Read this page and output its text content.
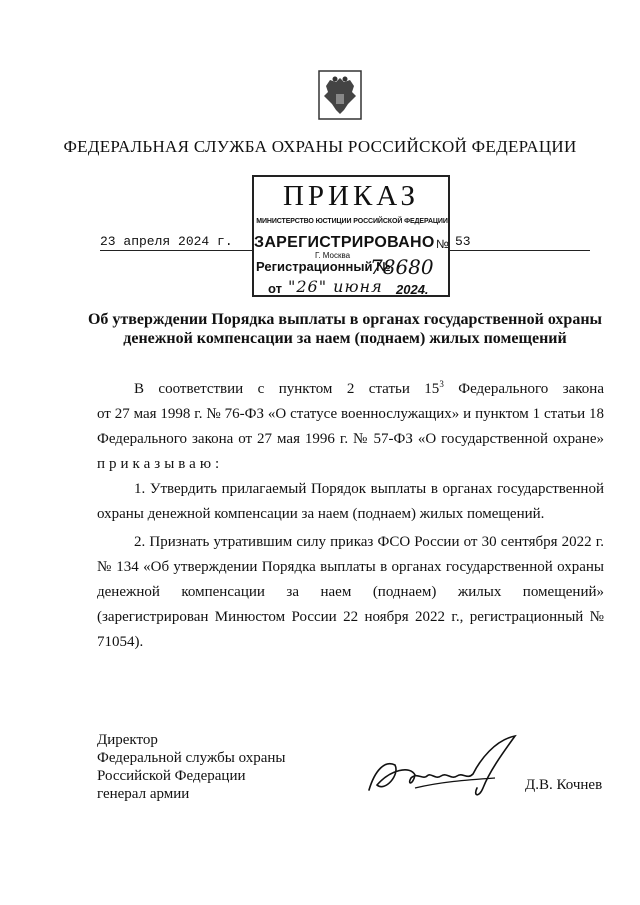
ФЕДЕРАЛЬНАЯ СЛУЖБА ОХРАНЫ РОССИЙСКОЙ ФЕДЕРАЦИИ
ПРИКАЗ
МИНИСТЕРСТВО ЮСТИЦИИ РОССИЙСКОЙ ФЕДЕРАЦИИ
ЗАРЕГИСТРИРОВАНО
Г. Москва
Регистрационный №
78680
от "26" июня 2024.
23 апреля 2024 г.	№ 53
Об утверждении Порядка выплаты в органах государственной охраны
денежной компенсации за наем (поднаем) жилых помещений
В соответствии с пунктом 2 статьи $15^3$ Федерального закона
от 27 мая 1998 г. № 76-ФЗ «О статусе военнослужащих» и пунктом 1 статьи 18
Федерального закона от 27 мая 1996 г. № 57-ФЗ «О государственной охране»
приказываю:
1. Утвердить прилагаемый Порядок выплаты в органах государственной охраны денежной компенсации за наем (поднаем) жилых помещений.
2. Признать утратившим силу приказ ФСО России от 30 сентября 2022 г. № 134 «Об утверждении Порядка выплаты в органах государственной охраны денежной компенсации за наем (поднаем) жилых помещений» (зарегистрирован Минюстом России 22 ноября 2022 г., регистрационный № 71054).
Директор
Федеральной службы охраны
Российской Федерации
генерал армии
Д.В. Кочнев
